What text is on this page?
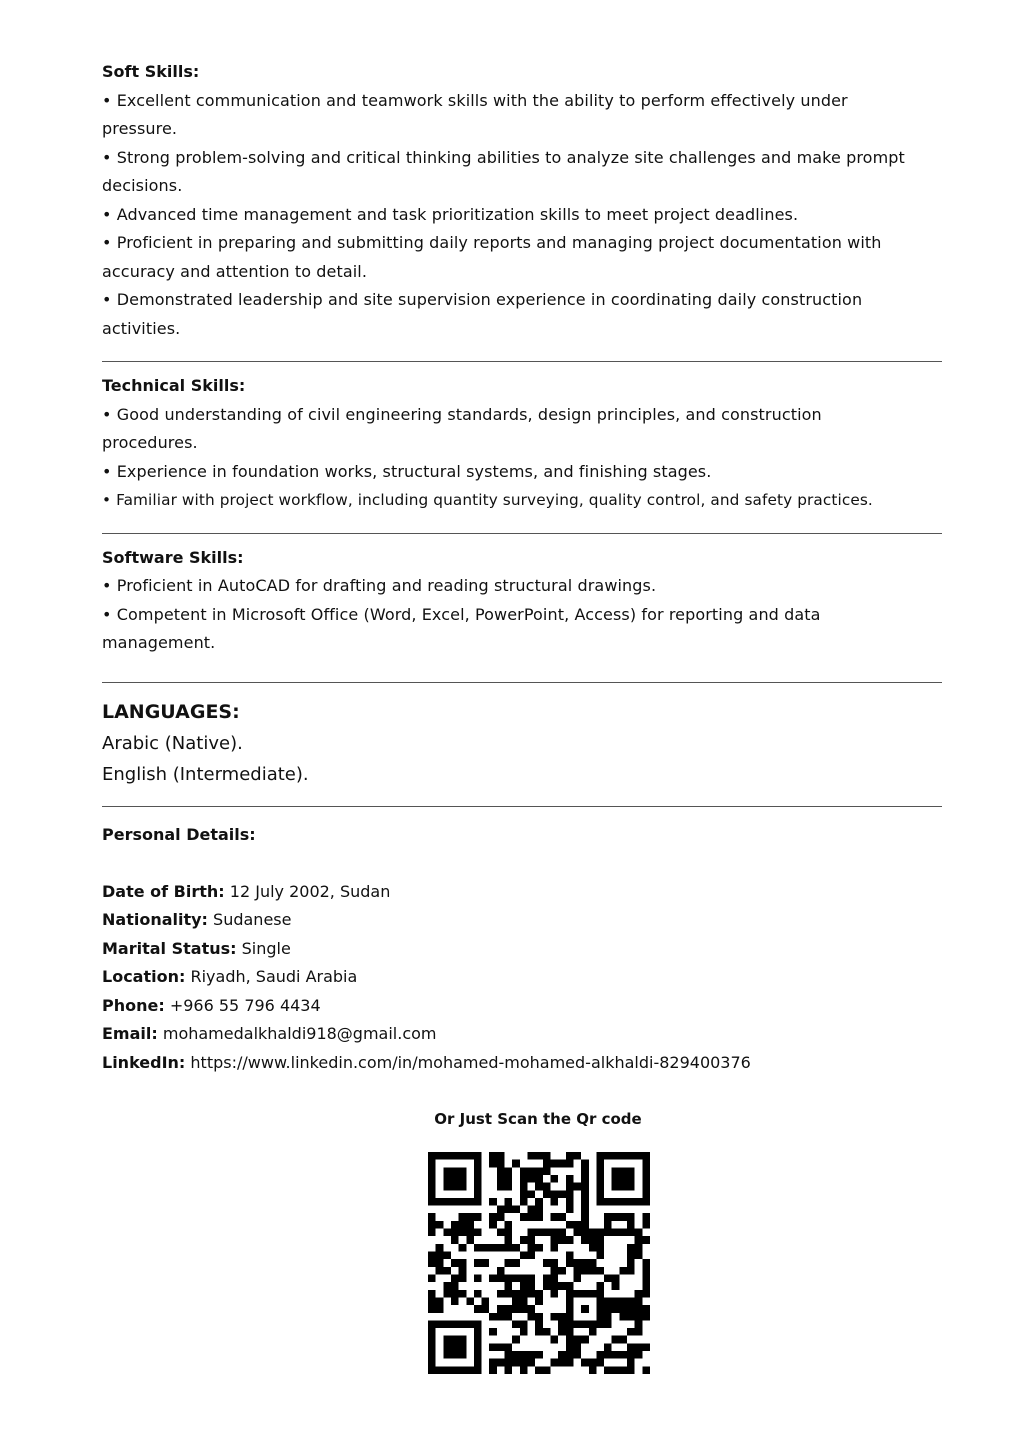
Soft Skills:

• Excellent communication and teamwork skills with the ability to perform effectively under

pressure.

• Strong problem-solving and critical thinking abilities to analyze site challenges and make prompt

decisions.

• Advanced time management and task prioritization skills to meet project deadlines.

• Proficient in preparing and submitting daily reports and managing project documentation with

accuracy and attention to detail.

• Demonstrated leadership and site supervision experience in coordinating daily construction

activities.

Technical Skills:

• Good understanding of civil engineering standards, design principles, and construction

procedures.

• Experience in foundation works, structural systems, and finishing stages.

• Familiar with project workflow, including quantity surveying, quality control, and safety practices.

Software Skills:

• Proficient in AutoCAD for drafting and reading structural drawings.

• Competent in Microsoft Office (Word, Excel, PowerPoint, Access) for reporting and data

management.

LANGUAGES:

Arabic (Native).

English (Intermediate).

Personal Details:

Date of Birth: 12 July 2002, Sudan

Nationality: Sudanese

Marital Status: Single

Location: Riyadh, Saudi Arabia

Phone: +966 55 796 4434

Email: mohamedalkhaldi918@gmail.com

LinkedIn: https://www.linkedin.com/in/mohamed-mohamed-alkhaldi-829400376

Or Just Scan the Qr code
